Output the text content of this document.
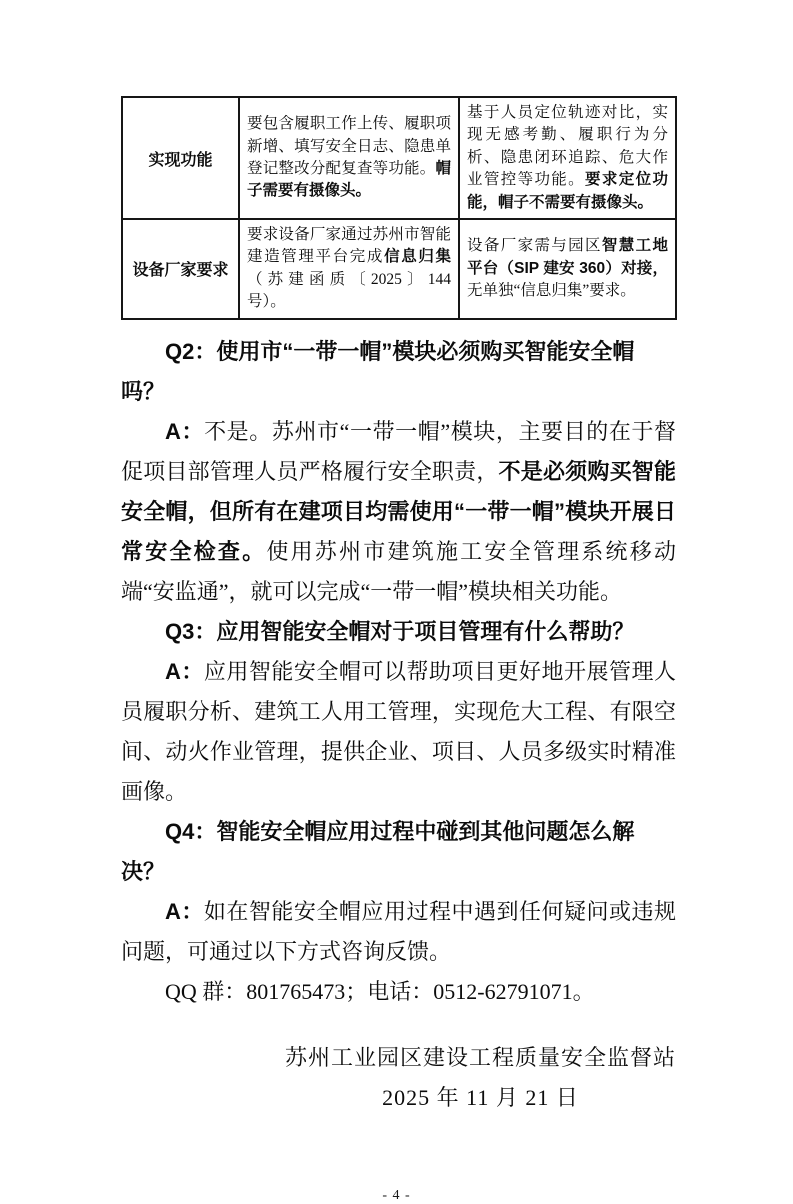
实现功能	要包含履职工作上传、履职项新增、填写安全日志、隐患单登记整改分配复查等功能。帽子需要有摄像头。	基于人员定位轨迹对比，实现无感考勤、履职行为分析、隐患闭环追踪、危大作业管控等功能。要求定位功能，帽子不需要有摄像头。
设备厂家要求	要求设备厂家通过苏州市智能建造管理平台完成信息归集（苏建函质〔2025〕144 号）。	设备厂家需与园区智慧工地平台（SIP 建安 360）对接，无单独“信息归集”要求。

Q2：使用市“一带一帽”模块必须购买智能安全帽吗？

A：不是。苏州市“一带一帽”模块，主要目的在于督促项目部管理人员严格履行安全职责，不是必须购买智能安全帽，但所有在建项目均需使用“一带一帽”模块开展日常安全检查。使用苏州市建筑施工安全管理系统移动端“安监通”，就可以完成“一带一帽”模块相关功能。

Q3：应用智能安全帽对于项目管理有什么帮助？

A：应用智能安全帽可以帮助项目更好地开展管理人员履职分析、建筑工人用工管理，实现危大工程、有限空间、动火作业管理，提供企业、项目、人员多级实时精准画像。

Q4：智能安全帽应用过程中碰到其他问题怎么解决？

A：如在智能安全帽应用过程中遇到任何疑问或违规问题，可通过以下方式咨询反馈。

QQ 群：801765473；电话：0512-62791071。

苏州工业园区建设工程质量安全监督站
2025 年 11 月 21 日
- 4 -
